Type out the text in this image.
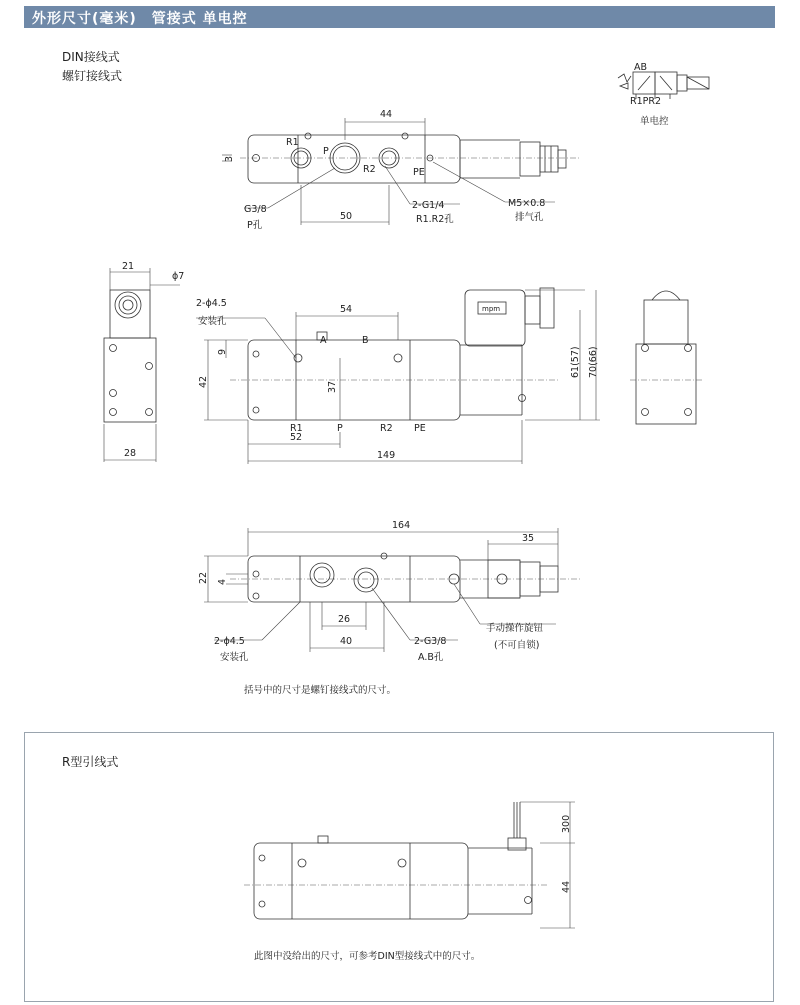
外形尺寸(毫米)　管接式 单电控
DIN接线式
螺钉接线式
AB
R1PR2
单电控
44
50
3
R1
P
R2	PE
G3/8
P孔
2-G1/4
R1.R2孔
M5×0.8
排气孔
21
ϕ7
28
mpm
54
A	B
2-ϕ4.5
安装孔
42
9
37
R1	P	R2 PE
52
149
61(57) 70(66)
164
35
22 4
26
40
2-ϕ4.5
安装孔
2-G3/8
A.B孔
手动操作旋钮
(不可自锁)
300
44
括号中的尺寸是螺钉接线式的尺寸。
R型引线式
此图中没给出的尺寸，可参考DIN型接线式中的尺寸。
